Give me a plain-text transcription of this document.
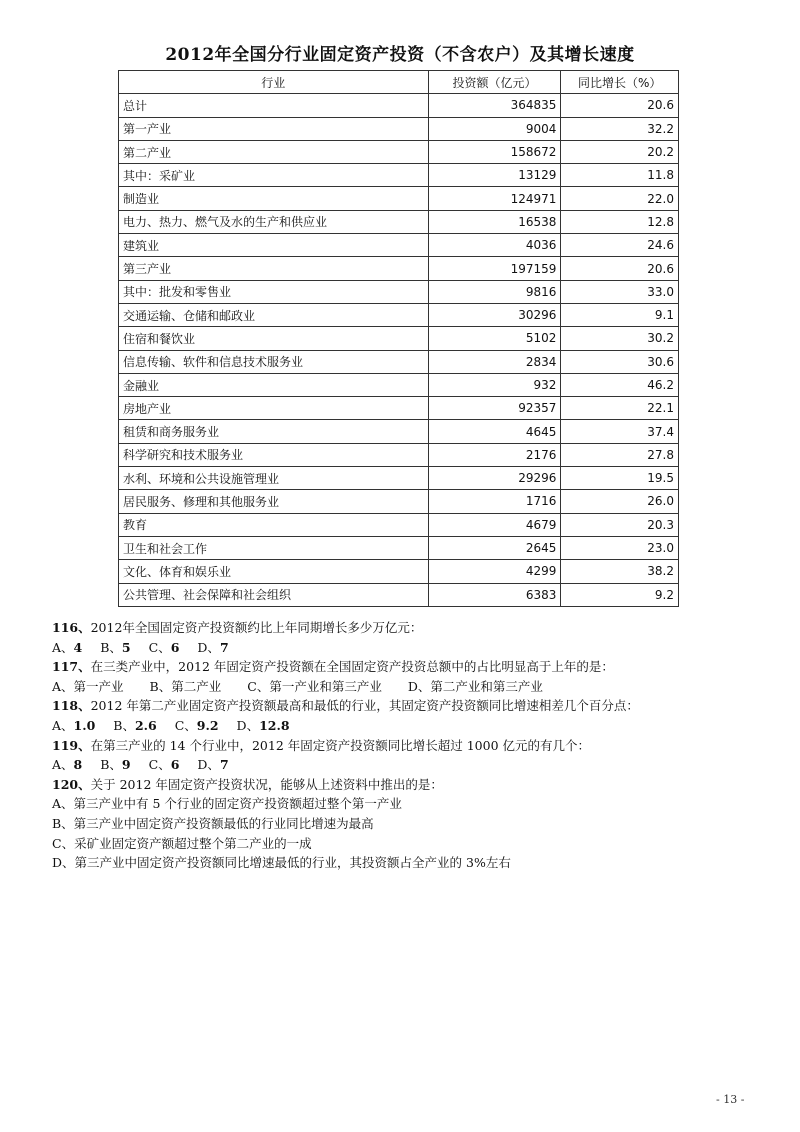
2012年全国分行业固定资产投资（不含农户）及其增长速度
行业	投资额（亿元）	同比增长（%）
总计	364835	20.6
第一产业	9004	32.2
第二产业	158672	20.2
其中：采矿业	13129	11.8
制造业	124971	22.0
电力、热力、燃气及水的生产和供应业	16538	12.8
建筑业	4036	24.6
第三产业	197159	20.6
其中：批发和零售业	9816	33.0
交通运输、仓储和邮政业	30296	9.1
住宿和餐饮业	5102	30.2
信息传输、软件和信息技术服务业	2834	30.6
金融业	932	46.2
房地产业	92357	22.1
租赁和商务服务业	4645	37.4
科学研究和技术服务业	2176	27.8
水利、环境和公共设施管理业	29296	19.5
居民服务、修理和其他服务业	1716	26.0
教育	4679	20.3
卫生和社会工作	2645	23.0
文化、体育和娱乐业	4299	38.2
公共管理、社会保障和社会组织	6383	9.2

116、2012年全国固定资产投资额约比上年同期增长多少万亿元：

A、4 B、5 C、6 D、7

117、在三类产业中，2012 年固定资产投资额在全国固定资产投资总额中的占比明显高于上年的是：

A、第一产业 B、第二产业 C、第一产业和第三产业 D、第二产业和第三产业

118、2012 年第二产业固定资产投资额最高和最低的行业，其固定资产投资额同比增速相差几个百分点：

A、1.0 B、2.6 C、9.2 D、12.8

119、在第三产业的 14 个行业中，2012 年固定资产投资额同比增长超过 1000 亿元的有几个：

A、8 B、9 C、6 D、7

120、关于 2012 年固定资产投资状况，能够从上述资料中推出的是：

A、第三产业中有 5 个行业的固定资产投资额超过整个第一产业

B、第三产业中固定资产投资额最低的行业同比增速为最高

C、采矿业固定资产额超过整个第二产业的一成

D、第三产业中固定资产投资额同比增速最低的行业，其投资额占全产业的 3%左右

- 13 -
